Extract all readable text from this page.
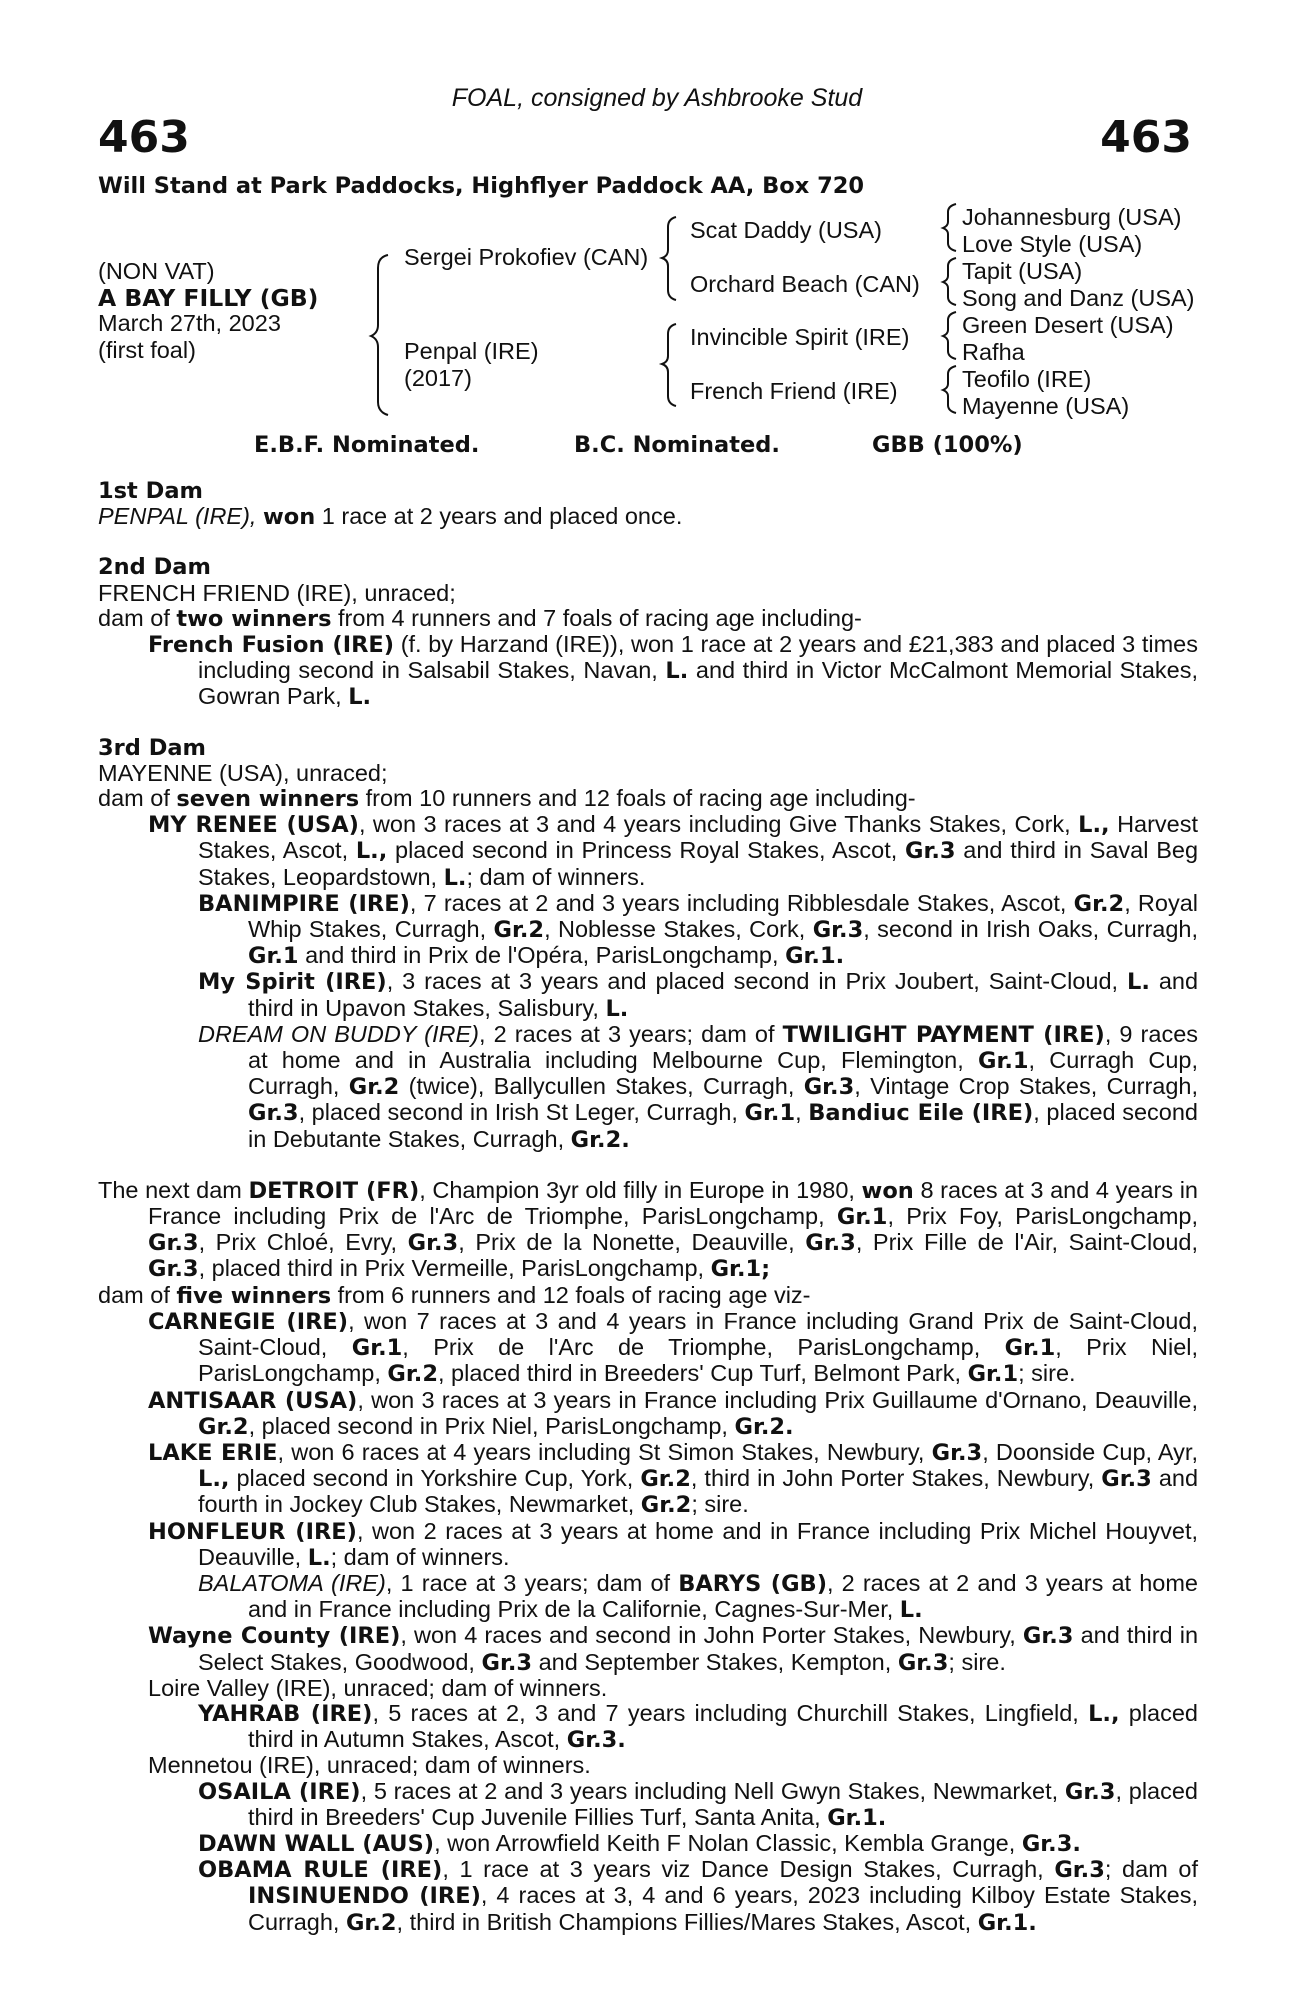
FOAL, consigned by Ashbrooke Stud
463	463
Will Stand at Park Paddocks, Highflyer Paddock AA, Box 720
(NON VAT)
A BAY FILLY (GB)
March 27th, 2023
(first foal)
Sergei Prokofiev (CAN)
Penpal (IRE)
(2017)
Scat Daddy (USA)
Orchard Beach (CAN)
Invincible Spirit (IRE)
French Friend (IRE)
Johannesburg (USA)
Love Style (USA)
Tapit (USA)
Song and Danz (USA)
Green Desert (USA)
Rafha
Teofilo (IRE)
Mayenne (USA)
E.B.F. Nominated.	B.C. Nominated.	GBB (100%)
1st Dam
PENPAL (IRE), won 1 race at 2 years and placed once.
2nd Dam
FRENCH FRIEND (IRE), unraced;
dam of two winners from 4 runners and 7 foals of racing age including-
French Fusion (IRE) (f. by Harzand (IRE)), won 1 race at 2 years and £21,383 and placed 3 times including second in Salsabil Stakes, Navan, L. and third in Victor McCalmont Memorial Stakes, Gowran Park, L.
3rd Dam
MAYENNE (USA), unraced;
dam of seven winners from 10 runners and 12 foals of racing age including-
MY RENEE (USA), won 3 races at 3 and 4 years including Give Thanks Stakes, Cork, L., Harvest Stakes, Ascot, L., placed second in Princess Royal Stakes, Ascot, Gr.3 and third in Saval Beg Stakes, Leopardstown, L.; dam of winners.
BANIMPIRE (IRE), 7 races at 2 and 3 years including Ribblesdale Stakes, Ascot, Gr.2, Royal Whip Stakes, Curragh, Gr.2, Noblesse Stakes, Cork, Gr.3, second in Irish Oaks, Curragh, Gr.1 and third in Prix de l'Opéra, ParisLongchamp, Gr.1.
My Spirit (IRE), 3 races at 3 years and placed second in Prix Joubert, Saint-Cloud, L. and third in Upavon Stakes, Salisbury, L.
DREAM ON BUDDY (IRE), 2 races at 3 years; dam of TWILIGHT PAYMENT (IRE), 9 races at home and in Australia including Melbourne Cup, Flemington, Gr.1, Curragh Cup, Curragh, Gr.2 (twice), Ballycullen Stakes, Curragh, Gr.3, Vintage Crop Stakes, Curragh, Gr.3, placed second in Irish St Leger, Curragh, Gr.1, Bandiuc Eile (IRE), placed second in Debutante Stakes, Curragh, Gr.2.
The next dam DETROIT (FR), Champion 3yr old filly in Europe in 1980, won 8 races at 3 and 4 years in France including Prix de l'Arc de Triomphe, ParisLongchamp, Gr.1, Prix Foy, ParisLongchamp, Gr.3, Prix Chloé, Evry, Gr.3, Prix de la Nonette, Deauville, Gr.3, Prix Fille de l'Air, Saint-Cloud, Gr.3, placed third in Prix Vermeille, ParisLongchamp, Gr.1;
dam of five winners from 6 runners and 12 foals of racing age viz-
CARNEGIE (IRE), won 7 races at 3 and 4 years in France including Grand Prix de Saint-Cloud, Saint-Cloud, Gr.1, Prix de l'Arc de Triomphe, ParisLongchamp, Gr.1, Prix Niel, ParisLongchamp, Gr.2, placed third in Breeders' Cup Turf, Belmont Park, Gr.1; sire.
ANTISAAR (USA), won 3 races at 3 years in France including Prix Guillaume d'Ornano, Deauville, Gr.2, placed second in Prix Niel, ParisLongchamp, Gr.2.
LAKE ERIE, won 6 races at 4 years including St Simon Stakes, Newbury, Gr.3, Doonside Cup, Ayr, L., placed second in Yorkshire Cup, York, Gr.2, third in John Porter Stakes, Newbury, Gr.3 and fourth in Jockey Club Stakes, Newmarket, Gr.2; sire.
HONFLEUR (IRE), won 2 races at 3 years at home and in France including Prix Michel Houyvet, Deauville, L.; dam of winners.
BALATOMA (IRE), 1 race at 3 years; dam of BARYS (GB), 2 races at 2 and 3 years at home and in France including Prix de la Californie, Cagnes-Sur-Mer, L.
Wayne County (IRE), won 4 races and second in John Porter Stakes, Newbury, Gr.3 and third in Select Stakes, Goodwood, Gr.3 and September Stakes, Kempton, Gr.3; sire.
Loire Valley (IRE), unraced; dam of winners.
YAHRAB (IRE), 5 races at 2, 3 and 7 years including Churchill Stakes, Lingfield, L., placed third in Autumn Stakes, Ascot, Gr.3.
Mennetou (IRE), unraced; dam of winners.
OSAILA (IRE), 5 races at 2 and 3 years including Nell Gwyn Stakes, Newmarket, Gr.3, placed third in Breeders' Cup Juvenile Fillies Turf, Santa Anita, Gr.1.
DAWN WALL (AUS), won Arrowfield Keith F Nolan Classic, Kembla Grange, Gr.3.
OBAMA RULE (IRE), 1 race at 3 years viz Dance Design Stakes, Curragh, Gr.3; dam of INSINUENDO (IRE), 4 races at 3, 4 and 6 years, 2023 including Kilboy Estate Stakes, Curragh, Gr.2, third in British Champions Fillies/Mares Stakes, Ascot, Gr.1.
